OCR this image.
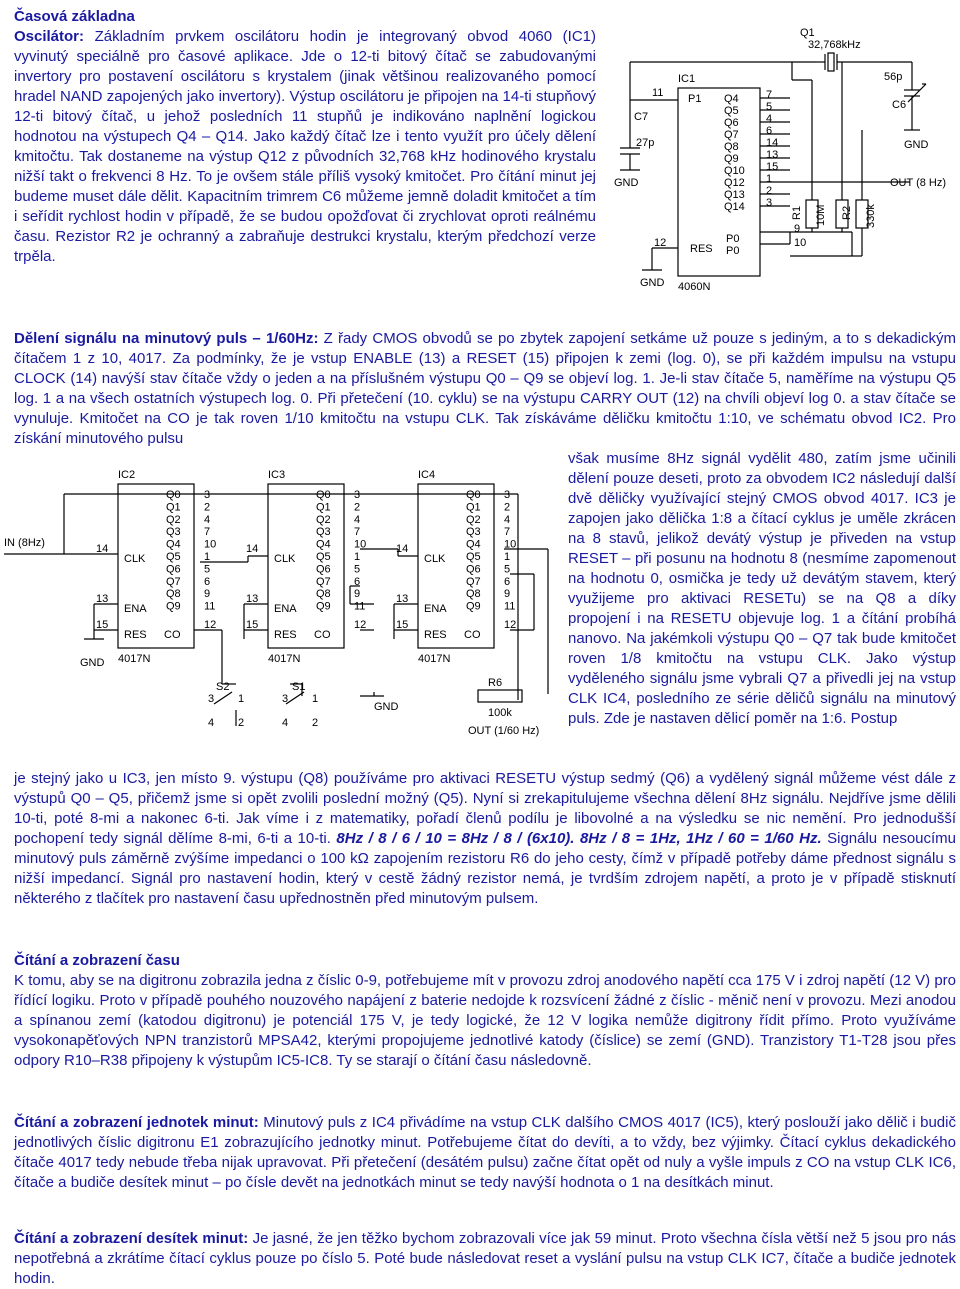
Časová základna

Oscilátor: Základním prvkem oscilátoru hodin je integrovaný obvod 4060 (IC1) vyvinutý speciálně pro časové aplikace. Jde o 12-ti bitový čítač se zabudovanými invertory pro postavení oscilátoru s krystalem (jinak většinou realizovaného pomocí hradel NAND zapojených jako invertory). Výstup oscilátoru je připojen na 14-ti stupňový 12-ti bitový čítač, u jehož posledních 11 stupňů je indikováno naplnění logickou hodnotou na výstupech Q4 – Q14. Jako každý čítač lze i tento využít pro účely dělení kmitočtu. Tak dostaneme na výstup Q12 z původních 32,768 kHz hodinového krystalu nižší takt o frekvenci 8 Hz. To je ovšem stále příliš vysoký kmitočet. Pro čítání minut jej budeme muset dále dělit. Kapacitním trimrem C6 můžeme jemně doladit kmitočet a tím i seřídit rychlost hodin v případě, že se budou opožďovat či zrychlovat oproti reálnému času. Rezistor R2 je ochranný a zabraňuje destrukci krystalu, kterým předchozí verze trpěla.

Q1
32,768kHz
IC1
P1
C7
27p
56p
C6
GND
GND
OUT (8 Hz)
11
12
GND
RES
P0
P0
4060N
10
9
R1 10M R2 330k
Q4 7
Q5 5
Q6 4
Q7 6
Q8 14
Q9 13
Q10 15
Q12 1
Q13 2
Q14 3

Dělení signálu na minutový puls – 1/60Hz: Z řady CMOS obvodů se po zbytek zapojení setkáme už pouze s jediným, a to s dekadickým čítačem 1 z 10, 4017. Za podmínky, že je vstup ENABLE (13) a RESET (15) připojen k zemi (log. 0), se při každém impulsu na vstupu CLOCK (14) navýší stav čítače vždy o jeden a na příslušném výstupu Q0 – Q9 se objeví log. 1. Je-li stav čítače 5, naměříme na výstupu Q5 log. 1 a na všech ostatních výstupech log. 0. Při přetečení (10. cyklu) se na výstupu CARRY OUT (12) na chvíli objeví log 0. a stav čítače se vynuluje. Kmitočet na CO je tak roven 1/10 kmitočtu na vstupu CLK. Tak získáváme děličku kmitočtu 1:10, ve schématu obvod IC2. Pro získání minutového pulsu

IN (8Hz)
IC2	IC3	IC4
GND 4017N	4017N	4017N
S2	S1
GND
R6
100k
OUT (1/60 Hz)
Q0 3
Q1 2
Q2 4
Q3 7
Q4 10
Q5 1
Q6 5
Q7 6
Q8 9
Q9 11
CLK
ENA
RES CO
14
13
15	12
Q0 3
Q1 2
Q2 4
Q3 7
Q4 10
Q5 1
Q6 5
Q7 6
Q8 9
Q9 11
CLK
ENA
RES CO
14
13
15	12
Q0 3
Q1 2
Q2 4
Q3 7
Q4 10
Q5 1
Q6 5
Q7 6
Q8 9
Q9 11
CLK
ENA
RES CO
14
13
15	12
3 1
4 2
3 1
4 2
však musíme 8Hz signál vydělit 480, zatím jsme učinili dělení pouze deseti, proto za obvodem IC2 následují další dvě děličky využívající stejný CMOS obvod 4017. IC3 je zapojen jako dělička 1:8 a čítací cyklus je uměle zkrácen na 8 stavů, jelikož devátý výstup je přiveden na vstup RESET – při posunu na hodnotu 8 (nesmíme zapomenout na hodnotu 0, osmička je tedy už devátým stavem, který využijeme pro aktivaci RESETu) se na Q8 a díky propojení i na RESETU objevuje log. 1 a čítání probíhá nanovo. Na jakémkoli výstupu Q0 – Q7 tak bude kmitočet roven 1/8 kmitočtu na vstupu CLK. Jako výstup vyděleného signálu jsme vybrali Q7 a přivedli jej na vstup CLK IC4, posledního ze série děličů signálu na minutový puls. Zde je nastaven dělicí poměr na 1:6. Postup

je stejný jako u IC3, jen místo 9. výstupu (Q8) používáme pro aktivaci RESETU výstup sedmý (Q6) a vydělený signál můžeme vést dále z výstupů Q0 – Q5, přičemž jsme si opět zvolili poslední možný (Q5). Nyní si zrekapitulujeme všechna dělení 8Hz signálu. Nejdříve jsme dělili 10-ti, poté 8-mi a nakonec 6-ti. Jak víme i z matematiky, pořadí členů podílu je libovolné a na výsledku se nic nemění. Pro jednodušší pochopení tedy signál dělíme 8-mi, 6-ti a 10-ti. 8Hz / 8 / 6 / 10 = 8Hz / 8 / (6x10). 8Hz / 8 = 1Hz, 1Hz / 60 = 1/60 Hz. Signálu nesoucímu minutový puls záměrně zvýšíme impedanci o 100 kΩ zapojením rezistoru R6 do jeho cesty, čímž v případě potřeby dáme přednost signálu s nižší impedancí. Signál pro nastavení hodin, který v cestě žádný rezistor nemá, je tvrdším zdrojem napětí, a proto je v případě stisknutí některého z tlačítek pro nastavení času upřednostněn před minutovým pulsem.

Čítání a zobrazení času

K tomu, aby se na digitronu zobrazila jedna z číslic 0-9, potřebujeme mít v provozu zdroj anodového napětí cca 175 V i zdroj napětí (12 V) pro řídící logiku. Proto v případě pouhého nouzového napájení z baterie nedojde k rozsvícení žádné z číslic - měnič není v provozu. Mezi anodou a spínanou zemí (katodou digitronu) je potenciál 175 V, je tedy logické, že 12 V logika nemůže digitrony řídit přímo. Proto využíváme vysokonapěťových NPN tranzistorů MPSA42, kterými propojujeme jednotlivé katody (číslice) se zemí (GND). Tranzistory T1-T28 jsou přes odpory R10–R38 připojeny k výstupům IC5-IC8. Ty se starají o čítání času následovně.

Čítání a zobrazení jednotek minut: Minutový puls z IC4 přivádíme na vstup CLK dalšího CMOS 4017 (IC5), který poslouží jako dělič i budič jednotlivých číslic digitronu E1 zobrazujícího jednotky minut. Potřebujeme čítat do devíti, a to vždy, bez výjimky. Čítací cyklus dekadického čítače 4017 tedy nebude třeba nijak upravovat. Při přetečení (desátém pulsu) začne čítat opět od nuly a vyšle impuls z CO na vstup CLK IC6, čítače a budiče desítek minut – po čísle devět na jednotkách minut se tedy navýší hodnota o 1 na desítkách minut.

Čítání a zobrazení desítek minut: Je jasné, že jen těžko bychom zobrazovali více jak 59 minut. Proto všechna čísla větší než 5 jsou pro nás nepotřebná a zkrátíme čítací cyklus pouze po číslo 5. Poté bude následovat reset a vyslání pulsu na vstup CLK IC7, čítače a budiče jednotek hodin.
